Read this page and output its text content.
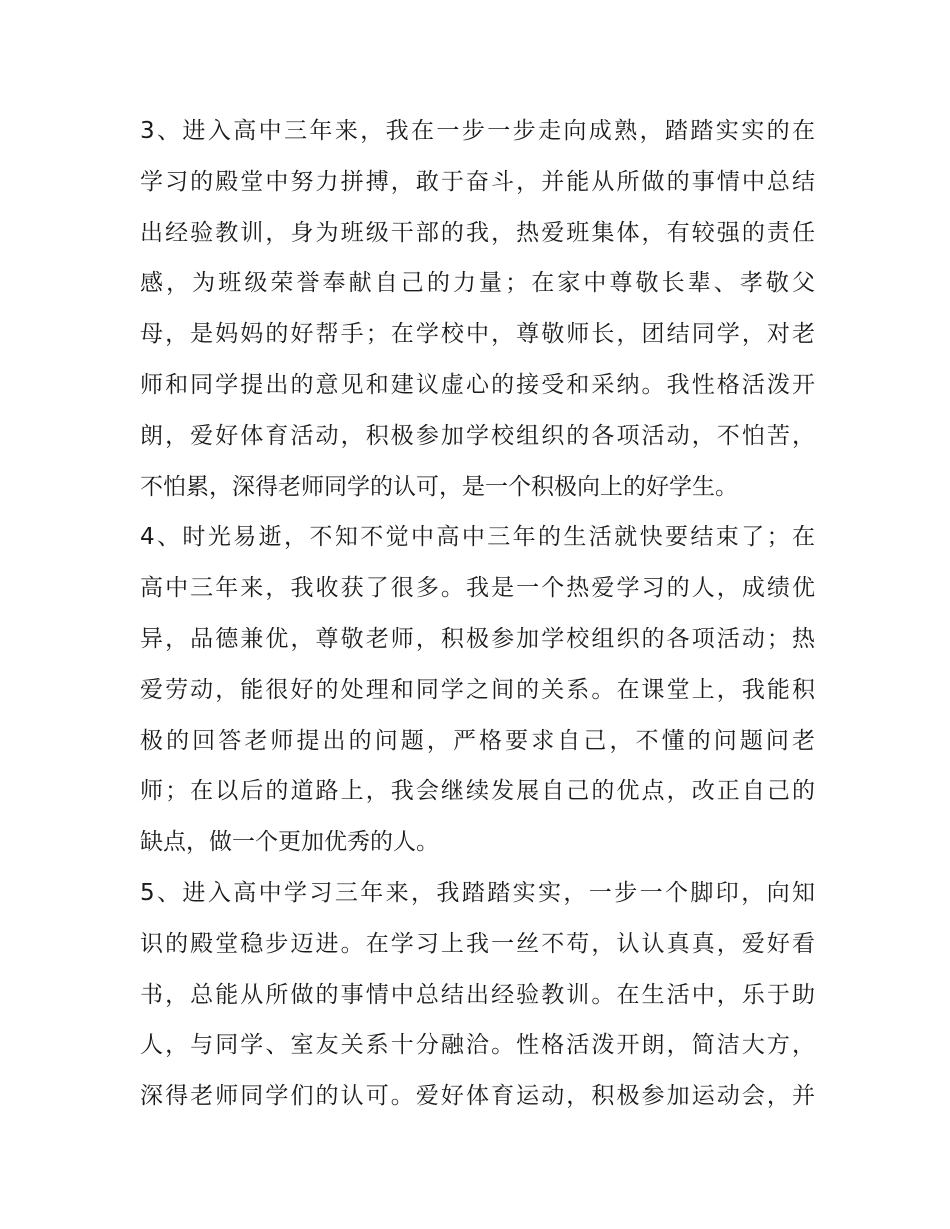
3、进入高中三年来，我在一步一步走向成熟，踏踏实实的在
学习的殿堂中努力拼搏，敢于奋斗，并能从所做的事情中总结
出经验教训，身为班级干部的我，热爱班集体，有较强的责任
感，为班级荣誉奉献自己的力量；在家中尊敬长辈、孝敬父
母，是妈妈的好帮手；在学校中，尊敬师长，团结同学，对老
师和同学提出的意见和建议虚心的接受和采纳。我性格活泼开
朗，爱好体育活动，积极参加学校组织的各项活动，不怕苦，
不怕累，深得老师同学的认可，是一个积极向上的好学生。
4、时光易逝，不知不觉中高中三年的生活就快要结束了；在
高中三年来，我收获了很多。我是一个热爱学习的人，成绩优
异，品德兼优，尊敬老师，积极参加学校组织的各项活动；热
爱劳动，能很好的处理和同学之间的关系。在课堂上，我能积
极的回答老师提出的问题，严格要求自己，不懂的问题问老
师；在以后的道路上，我会继续发展自己的优点，改正自己的
缺点，做一个更加优秀的人。
5、进入高中学习三年来，我踏踏实实，一步一个脚印，向知
识的殿堂稳步迈进。在学习上我一丝不苟，认认真真，爱好看
书，总能从所做的事情中总结出经验教训。在生活中，乐于助
人，与同学、室友关系十分融洽。性格活泼开朗，简洁大方，
深得老师同学们的认可。爱好体育运动，积极参加运动会，并
